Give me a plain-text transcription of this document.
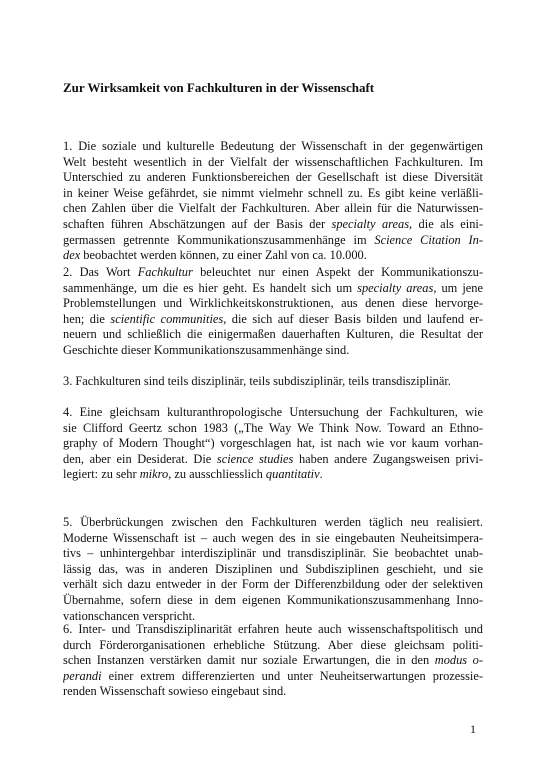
Zur Wirksamkeit von Fachkulturen in der Wissenschaft
1. Die soziale und kulturelle Bedeutung der Wissenschaft in der gegenwärtigen
Welt besteht wesentlich in der Vielfalt der wissenschaftlichen Fachkulturen. Im
Unterschied zu anderen Funktionsbereichen der Gesellschaft ist diese Diversität
in keiner Weise gefährdet, sie nimmt vielmehr schnell zu. Es gibt keine verläßli-
chen Zahlen über die Vielfalt der Fachkulturen. Aber allein für die Naturwissen-
schaften führen Abschätzungen auf der Basis der specialty areas, die als eini-
germassen getrennte Kommunikationszusammenhänge im Science Citation In-
dex beobachtet werden können, zu einer Zahl von ca. 10.000.
2. Das Wort Fachkultur beleuchtet nur einen Aspekt der Kommunikationszu-
sammenhänge, um die es hier geht. Es handelt sich um specialty areas, um jene
Problemstellungen und Wirklichkeitskonstruktionen, aus denen diese hervorge-
hen; die scientific communities, die sich auf dieser Basis bilden und laufend er-
neuern und schließlich die einigermaßen dauerhaften Kulturen, die Resultat der
Geschichte dieser Kommunikationszusammenhänge sind.
3. Fachkulturen sind teils disziplinär, teils subdisziplinär, teils transdisziplinär.
4. Eine gleichsam kulturanthropologische Untersuchung der Fachkulturen, wie
sie Clifford Geertz schon 1983 („The Way We Think Now. Toward an Ethno-
graphy of Modern Thought“) vorgeschlagen hat, ist nach wie vor kaum vorhan-
den, aber ein Desiderat. Die science studies haben andere Zugangsweisen privi-
legiert: zu sehr mikro, zu ausschliesslich quantitativ.
5. Überbrückungen zwischen den Fachkulturen werden täglich neu realisiert.
Moderne Wissenschaft ist – auch wegen des in sie eingebauten Neuheitsimpera-
tivs – unhintergehbar interdisziplinär und transdisziplinär. Sie beobachtet unab-
lässig das, was in anderen Disziplinen und Subdisziplinen geschieht, und sie
verhält sich dazu entweder in der Form der Differenzbildung oder der selektiven
Übernahme, sofern diese in dem eigenen Kommunikationszusammenhang Inno-
vationschancen verspricht.
6. Inter- und Transdisziplinarität erfahren heute auch wissenschaftspolitisch und
durch Förderorganisationen erhebliche Stützung. Aber diese gleichsam politi-
schen Instanzen verstärken damit nur soziale Erwartungen, die in den modus o-
perandi einer extrem differenzierten und unter Neuheitserwartungen prozessie-
renden Wissenschaft sowieso eingebaut sind.
1
